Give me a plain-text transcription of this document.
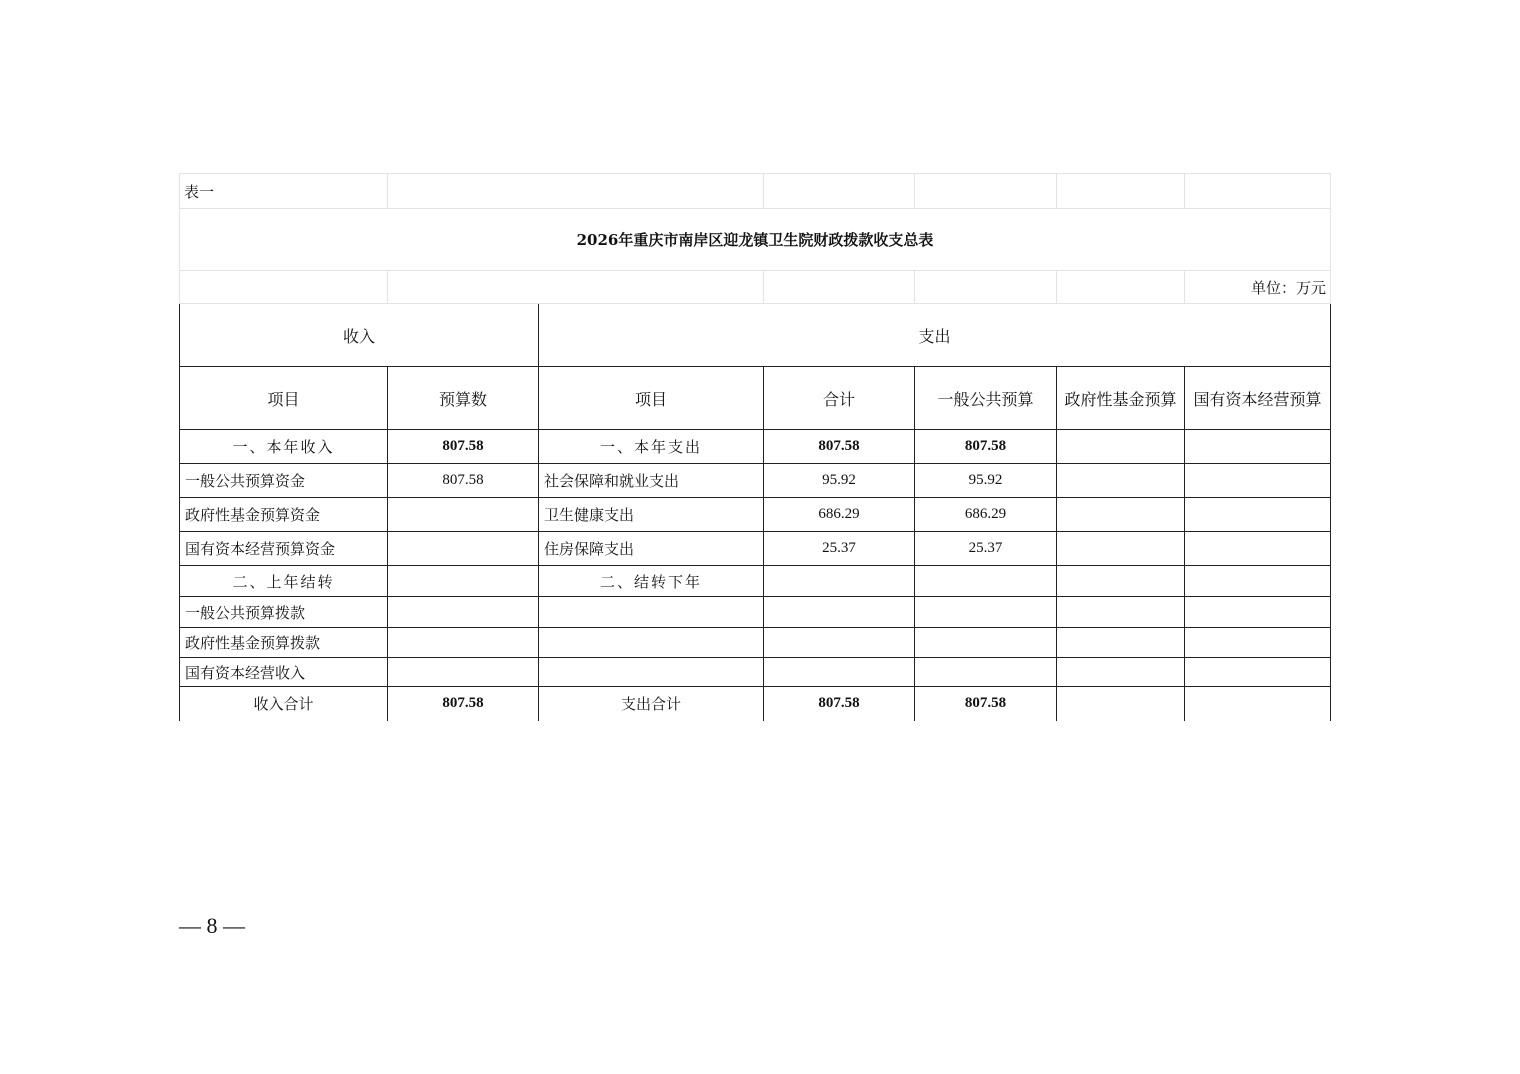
表一						
2026年重庆市南岸区迎龙镇卫生院财政拨款收支总表						
						单位：万元
收入		支出				
项目	预算数	项目	合计	一般公共预算	政府性基金预算	国有资本经营预算
一、本年收入	807.58	一、本年支出	807.58	807.58		
一般公共预算资金	807.58	社会保障和就业支出	95.92	95.92		
政府性基金预算资金		卫生健康支出	686.29	686.29		
国有资本经营预算资金		住房保障支出	25.37	25.37		
二、上年结转		二、结转下年				
一般公共预算拨款						
政府性基金预算拨款						
国有资本经营收入						
收入合计	807.58	支出合计	807.58	807.58		
— 8 —
